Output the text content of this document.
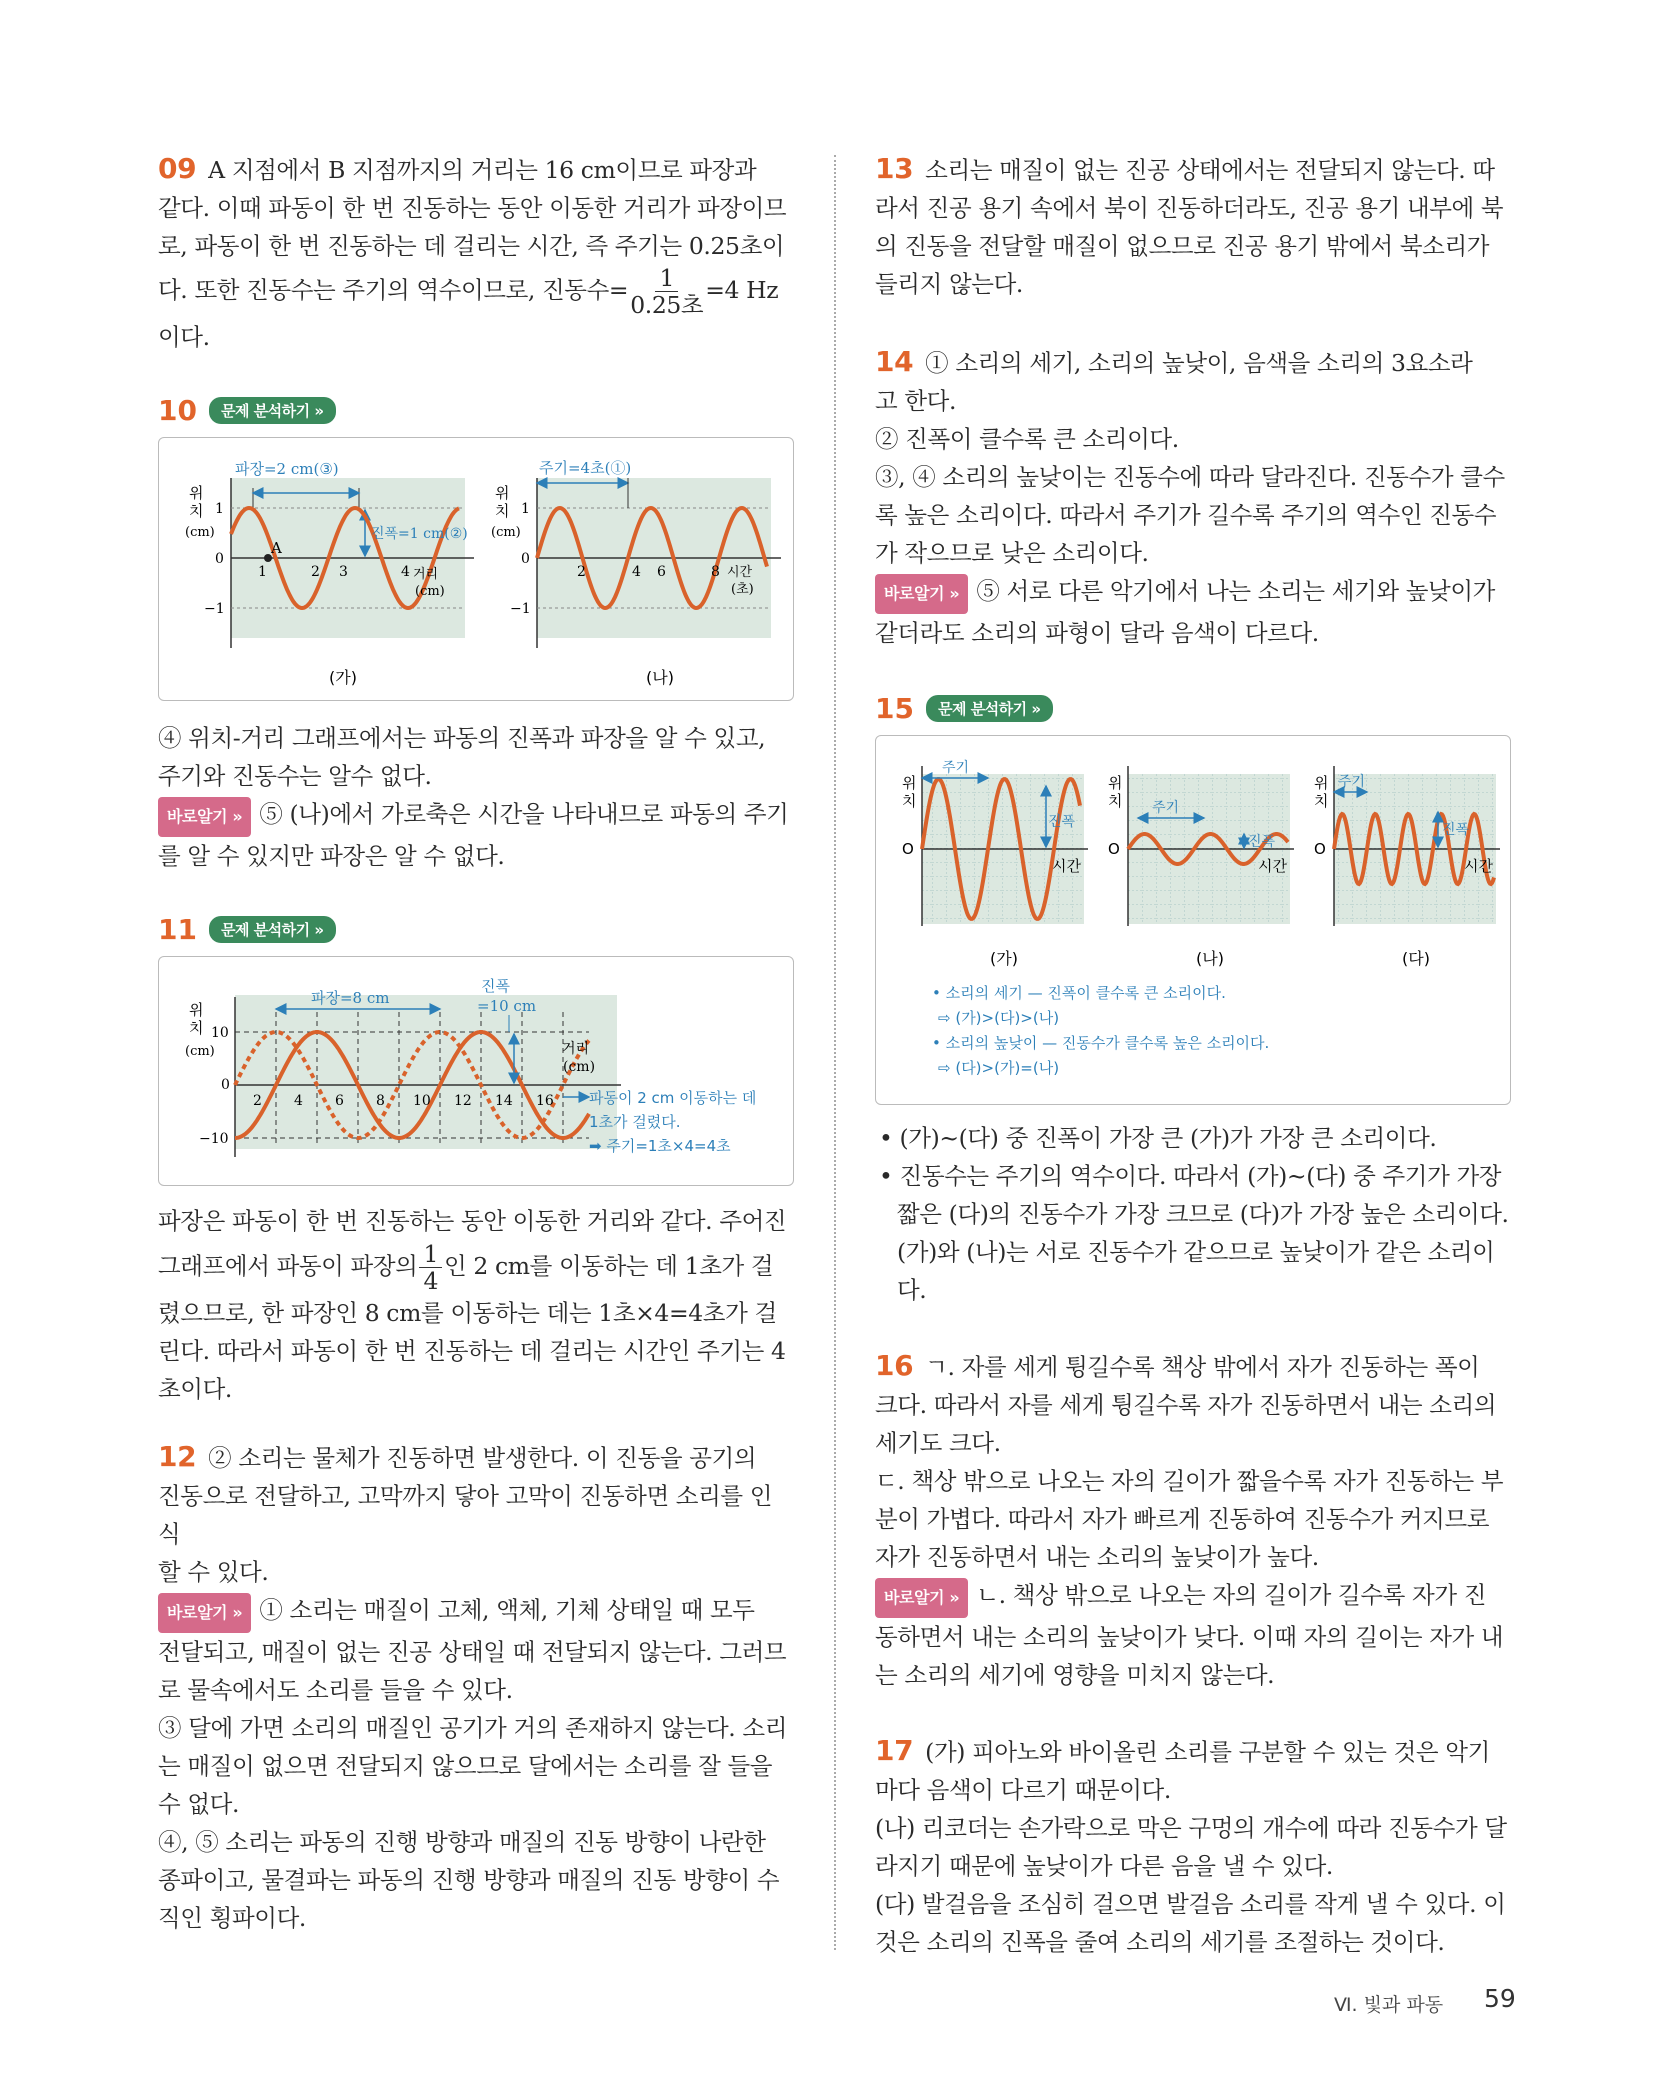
09 A 지점에서 B 지점까지의 거리는 16 cm이므로 파장과

같다. 이때 파동이 한 번 진동하는 동안 이동한 거리가 파장이므

로, 파동이 한 번 진동하는 데 걸리는 시간, 즉 주기는 0.25초이

다. 또한 진동수는 주기의 역수이므로, 진동수= $\frac{1}{\text{0.25초}} =4$ Hz

이다.

10	문제 분석하기 »
A
파장=2 cm(③)
진폭=1 cm(②)
위 치 (cm)
1
0
−1
1	2 3	4 거리 (cm)
(가)
주기=4초(①)
위 치 (cm)
1
0
−1
2	4 6	8 시간 (초)
(나)

④ 위치-거리 그래프에서는 파동의 진폭과 파장을 알 수 있고,

주기와 진동수는 알수 없다.

바로알기 » ⑤ (나)에서 가로축은 시간을 나타내므로 파동의 주기

를 알 수 있지만 파장은 알 수 없다.

11	문제 분석하기 »
파장=8 cm
진폭
=10 cm
위 치 (cm)
10
0
−10
2 4 6 8 10 12 14 16
거리 (cm)
파동이 2 cm 이동하는 데
1초가 걸렸다.
➡ 주기=1초×4=4초

파장은 파동이 한 번 진동하는 동안 이동한 거리와 같다. 주어진

그래프에서 파동이 파장의 $\frac{1}{4}$ 인 2 cm를 이동하는 데 1초가 걸

렸으므로, 한 파장인 8 cm를 이동하는 데는 1초×4=4초가 걸

린다. 따라서 파동이 한 번 진동하는 데 걸리는 시간인 주기는 4

초이다.

12 ② 소리는 물체가 진동하면 발생한다. 이 진동을 공기의

진동으로 전달하고, 고막까지 닿아 고막이 진동하면 소리를 인식

할 수 있다.

바로알기 » ① 소리는 매질이 고체, 액체, 기체 상태일 때 모두

전달되고, 매질이 없는 진공 상태일 때 전달되지 않는다. 그러므

로 물속에서도 소리를 들을 수 있다.

③ 달에 가면 소리의 매질인 공기가 거의 존재하지 않는다. 소리

는 매질이 없으면 전달되지 않으므로 달에서는 소리를 잘 들을

수 없다.

④, ⑤ 소리는 파동의 진행 방향과 매질의 진동 방향이 나란한

종파이고, 물결파는 파동의 진행 방향과 매질의 진동 방향이 수

직인 횡파이다.

13 소리는 매질이 없는 진공 상태에서는 전달되지 않는다. 따

라서 진공 용기 속에서 북이 진동하더라도, 진공 용기 내부에 북

의 진동을 전달할 매질이 없으므로 진공 용기 밖에서 북소리가

들리지 않는다.

14 ① 소리의 세기, 소리의 높낮이, 음색을 소리의 3요소라

고 한다.

② 진폭이 클수록 큰 소리이다.

③, ④ 소리의 높낮이는 진동수에 따라 달라진다. 진동수가 클수

록 높은 소리이다. 따라서 주기가 길수록 주기의 역수인 진동수

가 작으므로 낮은 소리이다.

바로알기 » ⑤ 서로 다른 악기에서 나는 소리는 세기와 높낮이가

같더라도 소리의 파형이 달라 음색이 다르다.

15	문제 분석하기 »
주기
진폭
위 치
O
시간
(가)
주기
진폭
위 치
O
시간
(나)
주기
진폭
위 치
O
시간
(다)
• 소리의 세기 — 진폭이 클수록 큰 소리이다.
⇨ (가)>(다)>(나)
• 소리의 높낮이 — 진동수가 클수록 높은 소리이다.
⇨ (다)>(가)=(나)

• (가)~(다) 중 진폭이 가장 큰 (가)가 가장 큰 소리이다.

• 진동수는 주기의 역수이다. 따라서 (가)~(다) 중 주기가 가장

짧은 (다)의 진동수가 가장 크므로 (다)가 가장 높은 소리이다.

(가)와 (나)는 서로 진동수가 같으므로 높낮이가 같은 소리이다.

16 ㄱ. 자를 세게 튕길수록 책상 밖에서 자가 진동하는 폭이

크다. 따라서 자를 세게 튕길수록 자가 진동하면서 내는 소리의

세기도 크다.

ㄷ. 책상 밖으로 나오는 자의 길이가 짧을수록 자가 진동하는 부

분이 가볍다. 따라서 자가 빠르게 진동하여 진동수가 커지므로

자가 진동하면서 내는 소리의 높낮이가 높다.

바로알기 » ㄴ. 책상 밖으로 나오는 자의 길이가 길수록 자가 진

동하면서 내는 소리의 높낮이가 낮다. 이때 자의 길이는 자가 내

는 소리의 세기에 영향을 미치지 않는다.

17 (가) 피아노와 바이올린 소리를 구분할 수 있는 것은 악기

마다 음색이 다르기 때문이다.

(나) 리코더는 손가락으로 막은 구멍의 개수에 따라 진동수가 달

라지기 때문에 높낮이가 다른 음을 낼 수 있다.

(다) 발걸음을 조심히 걸으면 발걸음 소리를 작게 낼 수 있다. 이

것은 소리의 진폭을 줄여 소리의 세기를 조절하는 것이다.

Ⅵ. 빛과 파동 59
